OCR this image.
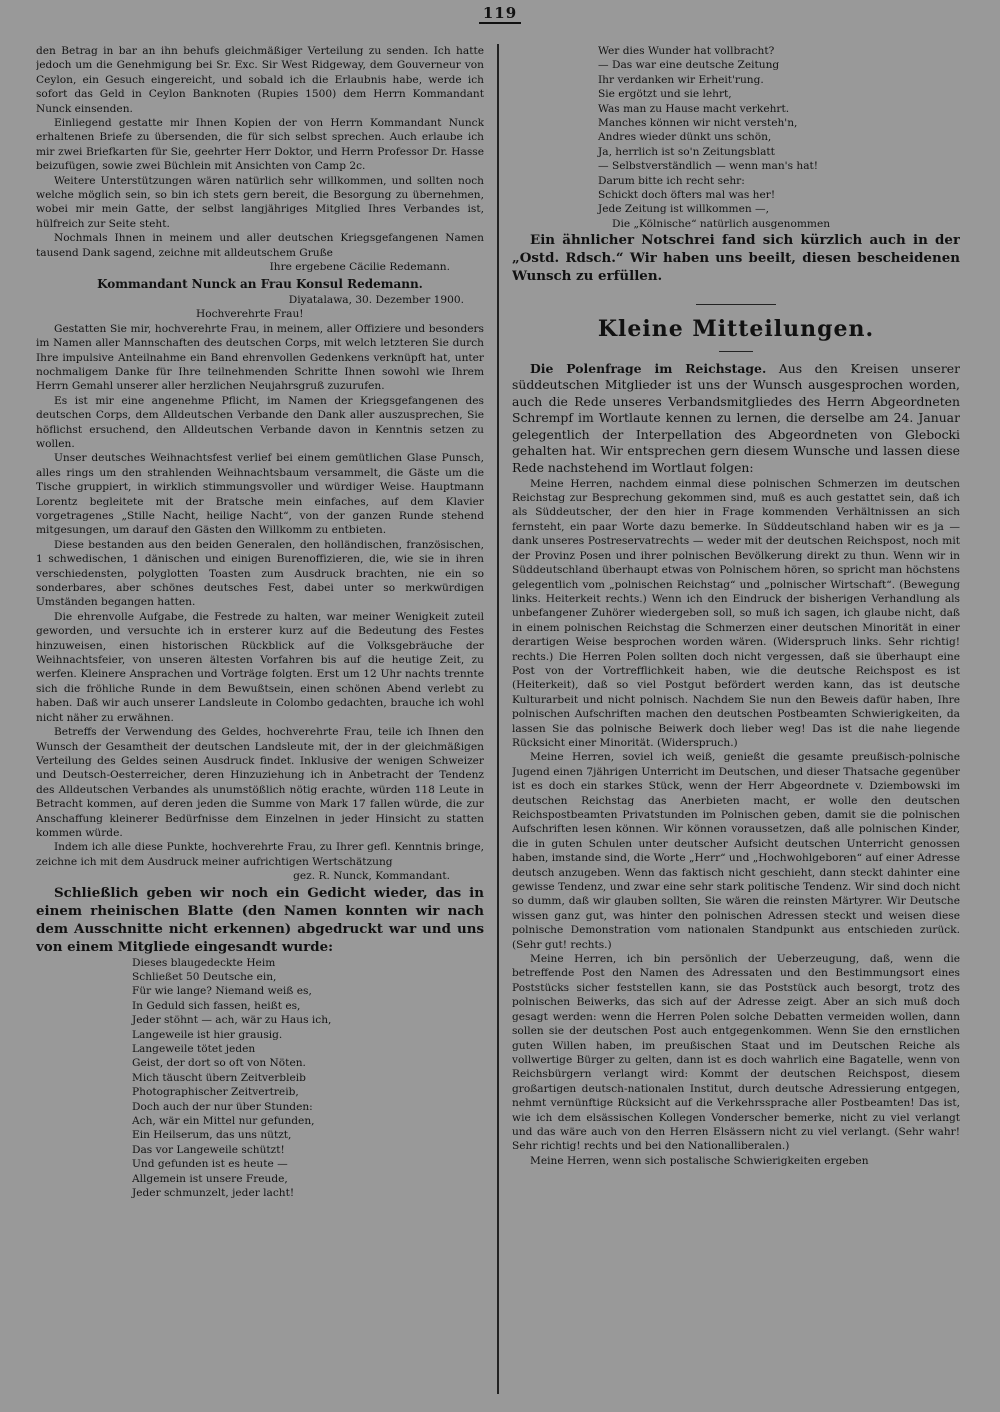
119

den Betrag in bar an ihn behufs gleichmäßiger Verteilung zu senden. Ich hatte jedoch um die Genehmigung bei Sr. Exc. Sir West Ridgeway, dem Gouverneur von Ceylon, ein Gesuch eingereicht, und sobald ich die Erlaubnis habe, werde ich sofort das Geld in Ceylon Banknoten (Rupies 1500) dem Herrn Kommandant Nunck einsenden.

Einliegend gestatte mir Ihnen Kopien der von Herrn Kommandant Nunck erhaltenen Briefe zu übersenden, die für sich selbst sprechen. Auch erlaube ich mir zwei Briefkarten für Sie, geehrter Herr Doktor, und Herrn Professor Dr. Hasse beizufügen, sowie zwei Büchlein mit Ansichten von Camp 2c.

Weitere Unterstützungen wären natürlich sehr willkommen, und sollten noch welche möglich sein, so bin ich stets gern bereit, die Besorgung zu übernehmen, wobei mir mein Gatte, der selbst langjähriges Mitglied Ihres Verbandes ist, hülfreich zur Seite steht.

Nochmals Ihnen in meinem und aller deutschen Kriegsgefangenen Namen tausend Dank sagend, zeichne mit alldeutschem Gruße

Ihre ergebene Cäcilie Redemann.

Kommandant Nunck an Frau Konsul Redemann.

Diyatalawa, 30. Dezember 1900.

Hochverehrte Frau!

Gestatten Sie mir, hochverehrte Frau, in meinem, aller Offiziere und besonders im Namen aller Mannschaften des deutschen Corps, mit welch letzteren Sie durch Ihre impulsive Anteilnahme ein Band ehrenvollen Gedenkens verknüpft hat, unter nochmaligem Danke für Ihre teilnehmenden Schritte Ihnen sowohl wie Ihrem Herrn Gemahl unserer aller herzlichen Neujahrsgruß zuzurufen.

Es ist mir eine angenehme Pflicht, im Namen der Kriegsgefangenen des deutschen Corps, dem Alldeutschen Verbande den Dank aller auszusprechen, Sie höflichst ersuchend, den Alldeutschen Verbande davon in Kenntnis setzen zu wollen.

Unser deutsches Weihnachtsfest verlief bei einem gemütlichen Glase Punsch, alles rings um den strahlenden Weihnachtsbaum versammelt, die Gäste um die Tische gruppiert, in wirklich stimmungsvoller und würdiger Weise. Hauptmann Lorentz begleitete mit der Bratsche mein einfaches, auf dem Klavier vorgetragenes „Stille Nacht, heilige Nacht“, von der ganzen Runde stehend mitgesungen, um darauf den Gästen den Willkomm zu entbieten.

Diese bestanden aus den beiden Generalen, den holländischen, französischen, 1 schwedischen, 1 dänischen und einigen Burenoffizieren, die, wie sie in ihren verschiedensten, polyglotten Toasten zum Ausdruck brachten, nie ein so sonderbares, aber schönes deutsches Fest, dabei unter so merkwürdigen Umständen begangen hatten.

Die ehrenvolle Aufgabe, die Festrede zu halten, war meiner Wenigkeit zuteil geworden, und versuchte ich in ersterer kurz auf die Bedeutung des Festes hinzuweisen, einen historischen Rückblick auf die Volksgebräuche der Weihnachtsfeier, von unseren ältesten Vorfahren bis auf die heutige Zeit, zu werfen. Kleinere Ansprachen und Vorträge folgten. Erst um 12 Uhr nachts trennte sich die fröhliche Runde in dem Bewußtsein, einen schönen Abend verlebt zu haben. Daß wir auch unserer Landsleute in Colombo gedachten, brauche ich wohl nicht näher zu erwähnen.

Betreffs der Verwendung des Geldes, hochverehrte Frau, teile ich Ihnen den Wunsch der Gesamtheit der deutschen Landsleute mit, der in der gleichmäßigen Verteilung des Geldes seinen Ausdruck findet. Inklusive der wenigen Schweizer und Deutsch-Oesterreicher, deren Hinzuziehung ich in Anbetracht der Tendenz des Alldeutschen Verbandes als unumstößlich nötig erachte, würden 118 Leute in Betracht kommen, auf deren jeden die Summe von Mark 17 fallen würde, die zur Anschaffung kleinerer Bedürfnisse dem Einzelnen in jeder Hinsicht zu statten kommen würde.

Indem ich alle diese Punkte, hochverehrte Frau, zu Ihrer gefl. Kenntnis bringe, zeichne ich mit dem Ausdruck meiner aufrichtigen Wertschätzung

gez. R. Nunck, Kommandant.

Schließlich geben wir noch ein Gedicht wieder, das in einem rheinischen Blatte (den Namen konnten wir nach dem Ausschnitte nicht erkennen) abgedruckt war und uns von einem Mitgliede eingesandt wurde:

Dieses blaugedeckte Heim
Schließet 50 Deutsche ein,
Für wie lange? Niemand weiß es,
In Geduld sich fassen, heißt es,
Jeder stöhnt — ach, wär zu Haus ich,
Langeweile ist hier grausig.
Langeweile tötet jeden
Geist, der dort so oft von Nöten.
Mich täuscht übern Zeitverbleib
Photographischer Zeitvertreib,
Doch auch der nur über Stunden:
Ach, wär ein Mittel nur gefunden,
Ein Heilserum, das uns nützt,
Das vor Langeweile schützt!
Und gefunden ist es heute —
Allgemein ist unsere Freude,
Jeder schmunzelt, jeder lacht!
Wer dies Wunder hat vollbracht?
— Das war eine deutsche Zeitung
Ihr verdanken wir Erheit'rung.
Sie ergötzt und sie lehrt,
Was man zu Hause macht verkehrt.
Manches können wir nicht versteh'n,
Andres wieder dünkt uns schön,
Ja, herrlich ist so'n Zeitungsblatt
— Selbstverständlich — wenn man's hat!
Darum bitte ich recht sehr:
Schickt doch öfters mal was her!
Jede Zeitung ist willkommen —,
Die „Kölnische“ natürlich ausgenommen

Ein ähnlicher Notschrei fand sich kürzlich auch in der „Ostd. Rdsch.“ Wir haben uns beeilt, diesen bescheidenen Wunsch zu erfüllen.

Kleine Mitteilungen.

Die Polenfrage im Reichstage. Aus den Kreisen unserer süddeutschen Mitglieder ist uns der Wunsch ausgesprochen worden, auch die Rede unseres Verbandsmitgliedes des Herrn Abgeordneten Schrempf im Wortlaute kennen zu lernen, die derselbe am 24. Januar gelegentlich der Interpellation des Abgeordneten von Glebocki gehalten hat. Wir entsprechen gern diesem Wunsche und lassen diese Rede nachstehend im Wortlaut folgen:

Meine Herren, nachdem einmal diese polnischen Schmerzen im deutschen Reichstag zur Besprechung gekommen sind, muß es auch gestattet sein, daß ich als Süddeutscher, der den hier in Frage kommenden Verhältnissen an sich fernsteht, ein paar Worte dazu bemerke. In Süddeutschland haben wir es ja — dank unseres Postreservatrechts — weder mit der deutschen Reichspost, noch mit der Provinz Posen und ihrer polnischen Bevölkerung direkt zu thun. Wenn wir in Süddeutschland überhaupt etwas von Polnischem hören, so spricht man höchstens gelegentlich vom „polnischen Reichstag“ und „polnischer Wirtschaft“. (Bewegung links. Heiterkeit rechts.) Wenn ich den Eindruck der bisherigen Verhandlung als unbefangener Zuhörer wiedergeben soll, so muß ich sagen, ich glaube nicht, daß in einem polnischen Reichstag die Schmerzen einer deutschen Minorität in einer derartigen Weise besprochen worden wären. (Widerspruch links. Sehr richtig! rechts.) Die Herren Polen sollten doch nicht vergessen, daß sie überhaupt eine Post von der Vortrefflichkeit haben, wie die deutsche Reichspost es ist (Heiterkeit), daß so viel Postgut befördert werden kann, das ist deutsche Kulturarbeit und nicht polnisch. Nachdem Sie nun den Beweis dafür haben, Ihre polnischen Aufschriften machen den deutschen Postbeamten Schwierigkeiten, da lassen Sie das polnische Beiwerk doch lieber weg! Das ist die nahe liegende Rücksicht einer Minorität. (Widerspruch.)

Meine Herren, soviel ich weiß, genießt die gesamte preußisch-polnische Jugend einen 7jährigen Unterricht im Deutschen, und dieser Thatsache gegenüber ist es doch ein starkes Stück, wenn der Herr Abgeordnete v. Dziembowski im deutschen Reichstag das Anerbieten macht, er wolle den deutschen Reichspostbeamten Privatstunden im Polnischen geben, damit sie die polnischen Aufschriften lesen können. Wir können voraussetzen, daß alle polnischen Kinder, die in guten Schulen unter deutscher Aufsicht deutschen Unterricht genossen haben, imstande sind, die Worte „Herr“ und „Hochwohlgeboren“ auf einer Adresse deutsch anzugeben. Wenn das faktisch nicht geschieht, dann steckt dahinter eine gewisse Tendenz, und zwar eine sehr stark politische Tendenz. Wir sind doch nicht so dumm, daß wir glauben sollten, Sie wären die reinsten Märtyrer. Wir Deutsche wissen ganz gut, was hinter den polnischen Adressen steckt und weisen diese polnische Demonstration vom nationalen Standpunkt aus entschieden zurück. (Sehr gut! rechts.)

Meine Herren, ich bin persönlich der Ueberzeugung, daß, wenn die betreffende Post den Namen des Adressaten und den Bestimmungsort eines Poststücks sicher feststellen kann, sie das Poststück auch besorgt, trotz des polnischen Beiwerks, das sich auf der Adresse zeigt. Aber an sich muß doch gesagt werden: wenn die Herren Polen solche Debatten vermeiden wollen, dann sollen sie der deutschen Post auch entgegenkommen. Wenn Sie den ernstlichen guten Willen haben, im preußischen Staat und im Deutschen Reiche als vollwertige Bürger zu gelten, dann ist es doch wahrlich eine Bagatelle, wenn von Reichsbürgern verlangt wird: Kommt der deutschen Reichspost, diesem großartigen deutsch-nationalen Institut, durch deutsche Adressierung entgegen, nehmt vernünftige Rücksicht auf die Verkehrssprache aller Postbeamten! Das ist, wie ich dem elsässischen Kollegen Vonderscher bemerke, nicht zu viel verlangt und das wäre auch von den Herren Elsässern nicht zu viel verlangt. (Sehr wahr! Sehr richtig! rechts und bei den Nationalliberalen.)

Meine Herren, wenn sich postalische Schwierigkeiten ergeben
